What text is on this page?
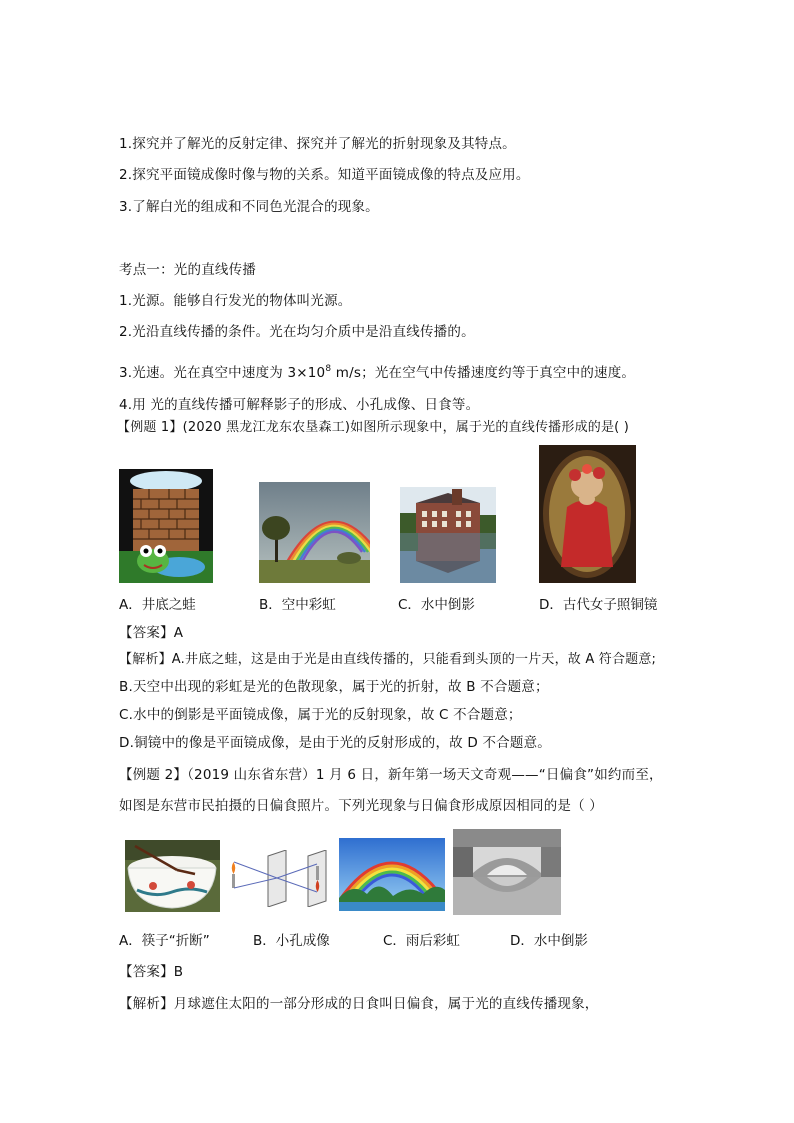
1.探究并了解光的反射定律、探究并了解光的折射现象及其特点。
2.探究平面镜成像时像与物的关系。知道平面镜成像的特点及应用。
3.了解白光的组成和不同色光混合的现象。
考点一：光的直线传播
1.光源。能够自行发光的物体叫光源。
2.光沿直线传播的条件。光在均匀介质中是沿直线传播的。
3.光速。光在真空中速度为 $3\times 10^8$ m/s；光在空气中传播速度约等于真空中的速度。
4.用 光的直线传播可解释影子的形成、小孔成像、日食等。
【例题 1】(2020 黑龙江龙东农垦森工)如图所示现象中，属于光的直线传播形成的是( )
A．井底之蛙	B．空中彩虹	C．水中倒影	D．古代女子照铜镜
【答案】A
【解析】A.井底之蛙，这是由于光是由直线传播的，只能看到头顶的一片天，故 A 符合题意;
B.天空中出现的彩虹是光的色散现象，属于光的折射，故 B 不合题意；
C.水中的倒影是平面镜成像，属于光的反射现象，故 C 不合题意；
D.铜镜中的像是平面镜成像，是由于光的反射形成的，故 D 不合题意。
【例题 2】（2019 山东省东营）1 月 6 日，新年第一场天文奇观——“日偏食”如约而至，
如图是东营市民拍摄的日偏食照片。下列光现象与日偏食形成原因相同的是（ ）
A．筷子“折断”	B．小孔成像	C．雨后彩虹	D．水中倒影
【答案】B
【解析】月球遮住太阳的一部分形成的日食叫日偏食，属于光的直线传播现象，
